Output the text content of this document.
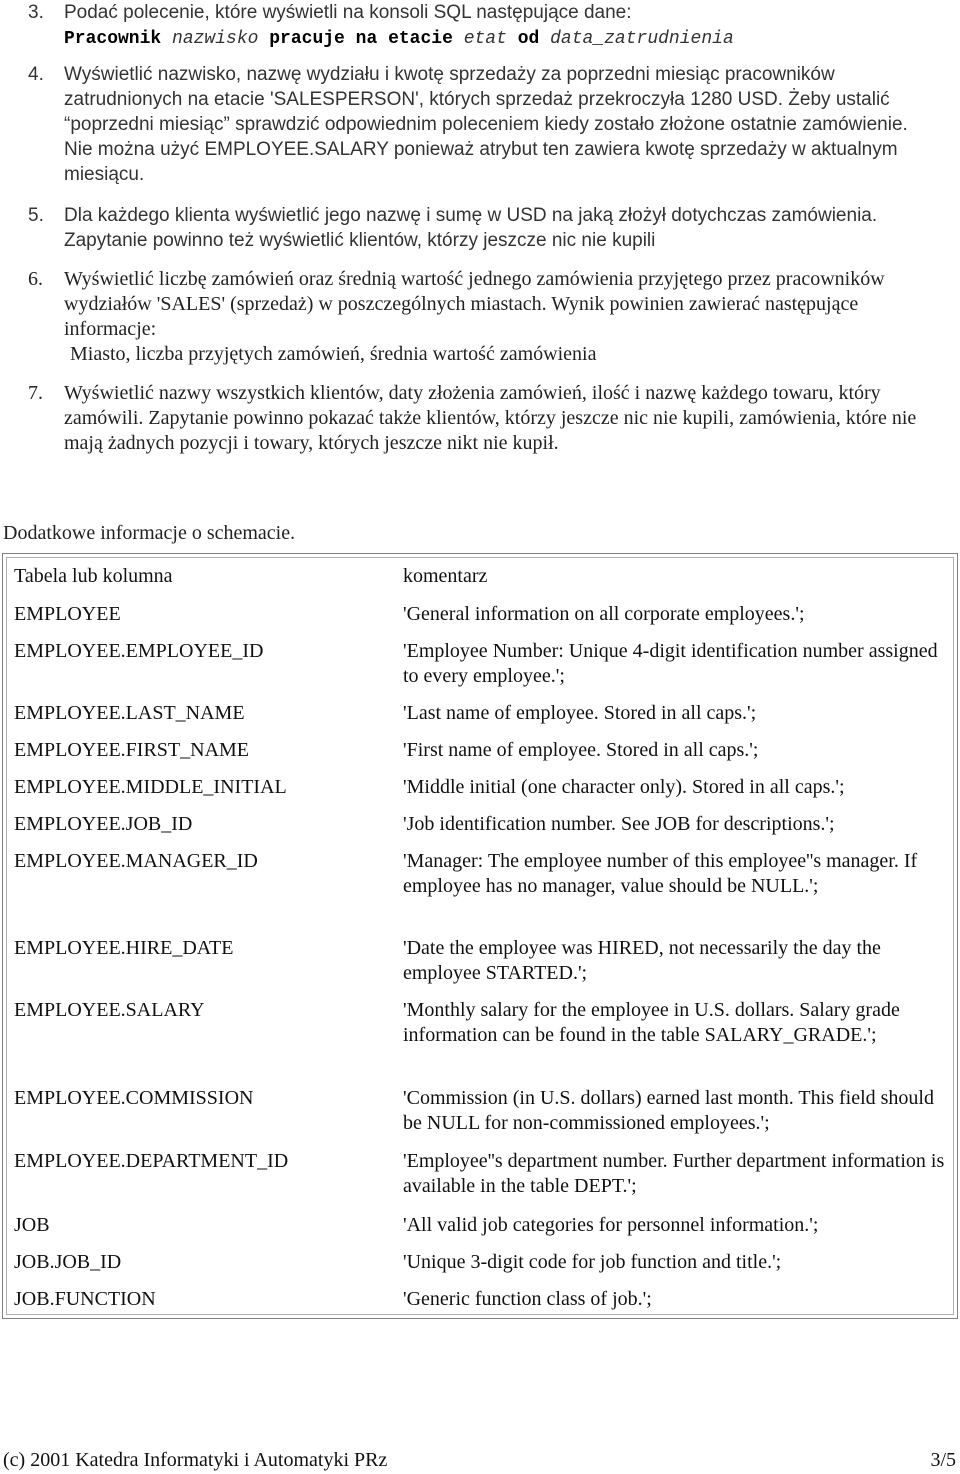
3.	Podać polecenie, które wyświetli na konsoli SQL następujące dane:
Pracownik nazwisko pracuje na etacie etat od data_zatrudnienia
4.	Wyświetlić nazwisko, nazwę wydziału i kwotę sprzedaży za poprzedni miesiąc pracowników zatrudnionych na etacie 'SALESPERSON', których sprzedaż przekroczyła 1280 USD. Żeby ustalić “poprzedni miesiąc” sprawdzić odpowiednim poleceniem kiedy zostało złożone ostatnie zamówienie. Nie można użyć EMPLOYEE.SALARY ponieważ atrybut ten zawiera kwotę sprzedaży w aktualnym miesiącu.
5.	Dla każdego klienta wyświetlić jego nazwę i sumę w USD na jaką złożył dotychczas zamówienia. Zapytanie powinno też wyświetlić klientów, którzy jeszcze nic nie kupili
6.	Wyświetlić liczbę zamówień oraz średnią wartość jednego zamówienia przyjętego przez pracowników wydziałów 'SALES' (sprzedaż) w poszczególnych miastach. Wynik powinien zawierać następujące informacje:
Miasto, liczba przyjętych zamówień, średnia wartość zamówienia
7.	Wyświetlić nazwy wszystkich klientów, daty złożenia zamówień, ilość i nazwę każdego towaru, który zamówili. Zapytanie powinno pokazać także klientów, którzy jeszcze nic nie kupili, zamówienia, które nie mają żadnych pozycji i towary, których jeszcze nikt nie kupił.
Dodatkowe informacje o schemacie.
Tabela lub kolumna	komentarz
EMPLOYEE	'General information on all corporate employees.';
EMPLOYEE.EMPLOYEE_ID	'Employee Number: Unique 4-digit identification number assigned to every employee.';
EMPLOYEE.LAST_NAME	'Last name of employee. Stored in all caps.';
EMPLOYEE.FIRST_NAME	'First name of employee. Stored in all caps.';
EMPLOYEE.MIDDLE_INITIAL	'Middle initial (one character only). Stored in all caps.';
EMPLOYEE.JOB_ID	'Job identification number. See JOB for descriptions.';
EMPLOYEE.MANAGER_ID	'Manager: The employee number of this employee''s manager. If employee has no manager, value should be NULL.';
EMPLOYEE.HIRE_DATE	'Date the employee was HIRED, not necessarily the day the employee STARTED.';
EMPLOYEE.SALARY	'Monthly salary for the employee in U.S. dollars. Salary grade information can be found in the table SALARY_GRADE.';
EMPLOYEE.COMMISSION	'Commission (in U.S. dollars) earned last month. This field should be NULL for non-commissioned employees.';
EMPLOYEE.DEPARTMENT_ID	'Employee''s department number. Further department information is available in the table DEPT.';
JOB	'All valid job categories for personnel information.';
JOB.JOB_ID	'Unique 3-digit code for job function and title.';
JOB.FUNCTION	'Generic function class of job.';
(c) 2001 Katedra Informatyki i Automatyki PRz	3/5
